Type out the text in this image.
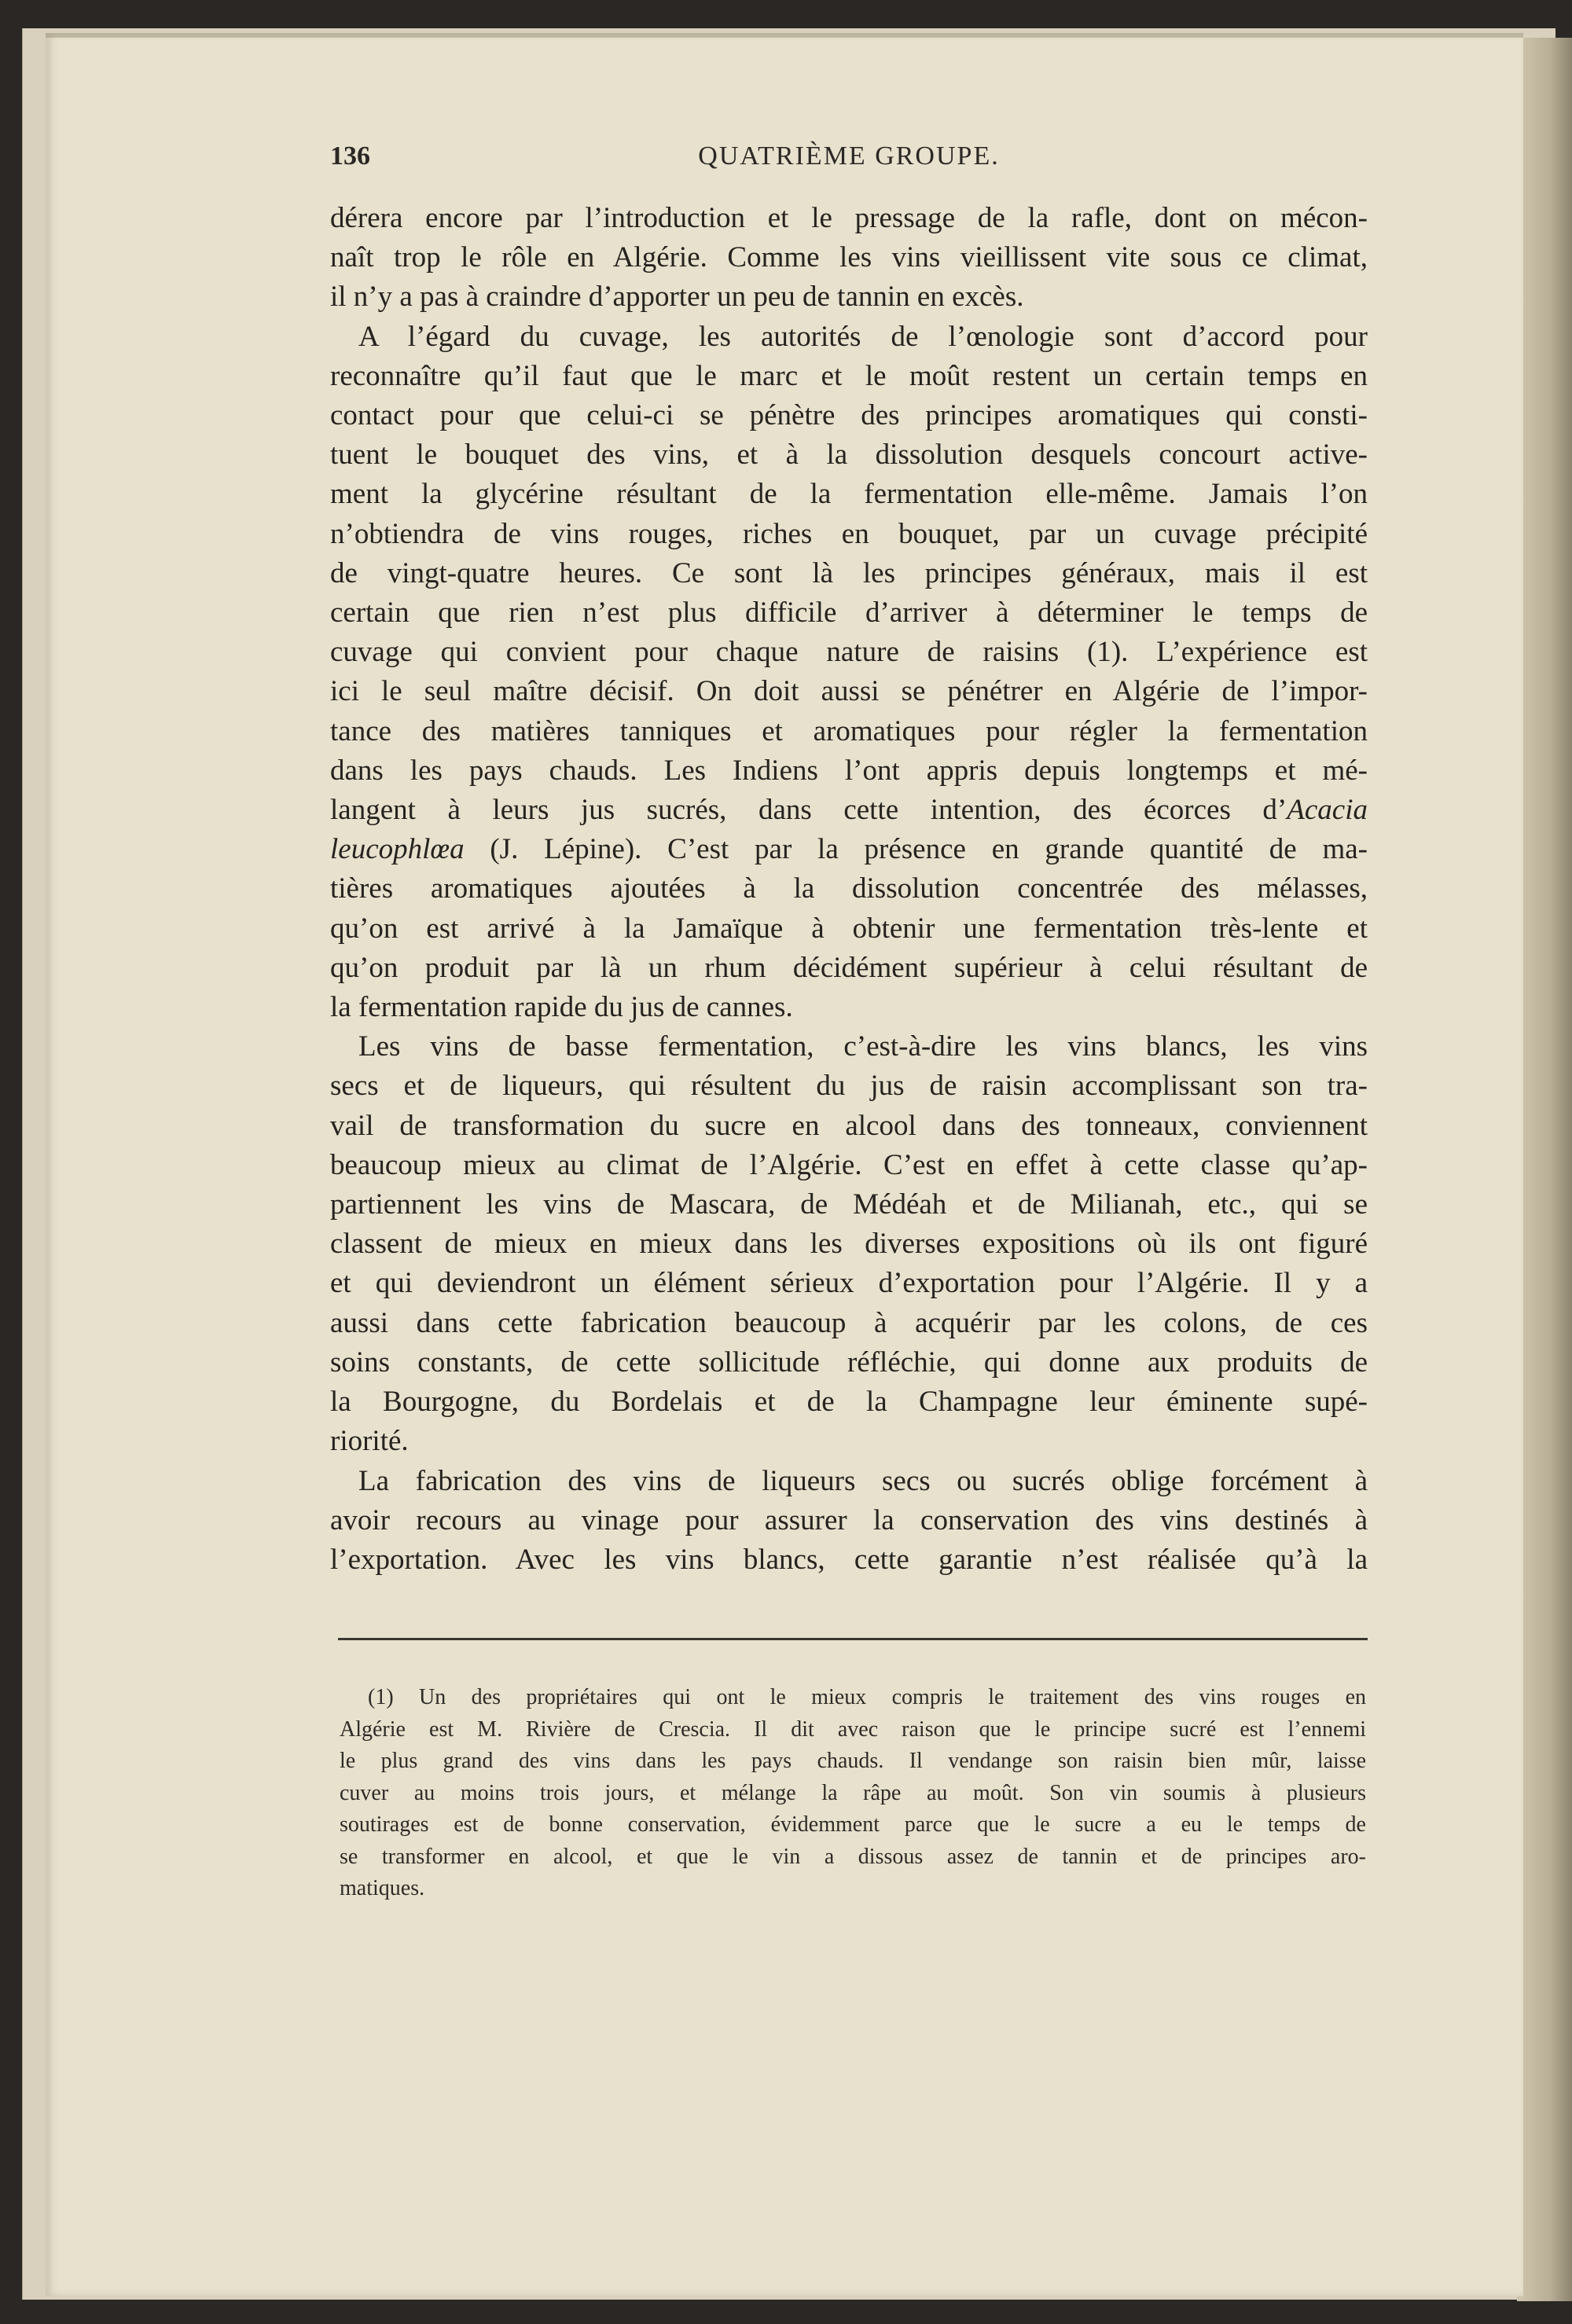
136	QUATRIÈME GROUPE.

dérera encore par l’introduction et le pressage de la rafle, dont on mécon-
naît trop le rôle en Algérie. Comme les vins vieillissent vite sous ce climat,
il n’y a pas à craindre d’apporter un peu de tannin en excès.

A l’égard du cuvage, les autorités de l’œnologie sont d’accord pour
reconnaître qu’il faut que le marc et le moût restent un certain temps en
contact pour que celui-ci se pénètre des principes aromatiques qui consti-
tuent le bouquet des vins, et à la dissolution desquels concourt active-
ment la glycérine résultant de la fermentation elle-même. Jamais l’on
n’obtiendra de vins rouges, riches en bouquet, par un cuvage précipité
de vingt-quatre heures. Ce sont là les principes généraux, mais il est
certain que rien n’est plus difficile d’arriver à déterminer le temps de
cuvage qui convient pour chaque nature de raisins (1). L’expérience est
ici le seul maître décisif. On doit aussi se pénétrer en Algérie de l’impor-
tance des matières tanniques et aromatiques pour régler la fermentation
dans les pays chauds. Les Indiens l’ont appris depuis longtemps et mé-
langent à leurs jus sucrés, dans cette intention, des écorces d’Acacia
leucophlœa (J. Lépine). C’est par la présence en grande quantité de ma-
tières aromatiques ajoutées à la dissolution concentrée des mélasses,
qu’on est arrivé à la Jamaïque à obtenir une fermentation très-lente et
qu’on produit par là un rhum décidément supérieur à celui résultant de
la fermentation rapide du jus de cannes.

Les vins de basse fermentation, c’est-à-dire les vins blancs, les vins
secs et de liqueurs, qui résultent du jus de raisin accomplissant son tra-
vail de transformation du sucre en alcool dans des tonneaux, conviennent
beaucoup mieux au climat de l’Algérie. C’est en effet à cette classe qu’ap-
partiennent les vins de Mascara, de Médéah et de Milianah, etc., qui se
classent de mieux en mieux dans les diverses expositions où ils ont figuré
et qui deviendront un élément sérieux d’exportation pour l’Algérie. Il y a
aussi dans cette fabrication beaucoup à acquérir par les colons, de ces
soins constants, de cette sollicitude réfléchie, qui donne aux produits de
la Bourgogne, du Bordelais et de la Champagne leur éminente supé-
riorité.

La fabrication des vins de liqueurs secs ou sucrés oblige forcément à
avoir recours au vinage pour assurer la conservation des vins destinés à
l’exportation. Avec les vins blancs, cette garantie n’est réalisée qu’à la

(1) Un des propriétaires qui ont le mieux compris le traitement des vins rouges en
Algérie est M. Rivière de Crescia. Il dit avec raison que le principe sucré est l’ennemi
le plus grand des vins dans les pays chauds. Il vendange son raisin bien mûr, laisse
cuver au moins trois jours, et mélange la râpe au moût. Son vin soumis à plusieurs
soutirages est de bonne conservation, évidemment parce que le sucre a eu le temps de
se transformer en alcool, et que le vin a dissous assez de tannin et de principes aro-
matiques.
